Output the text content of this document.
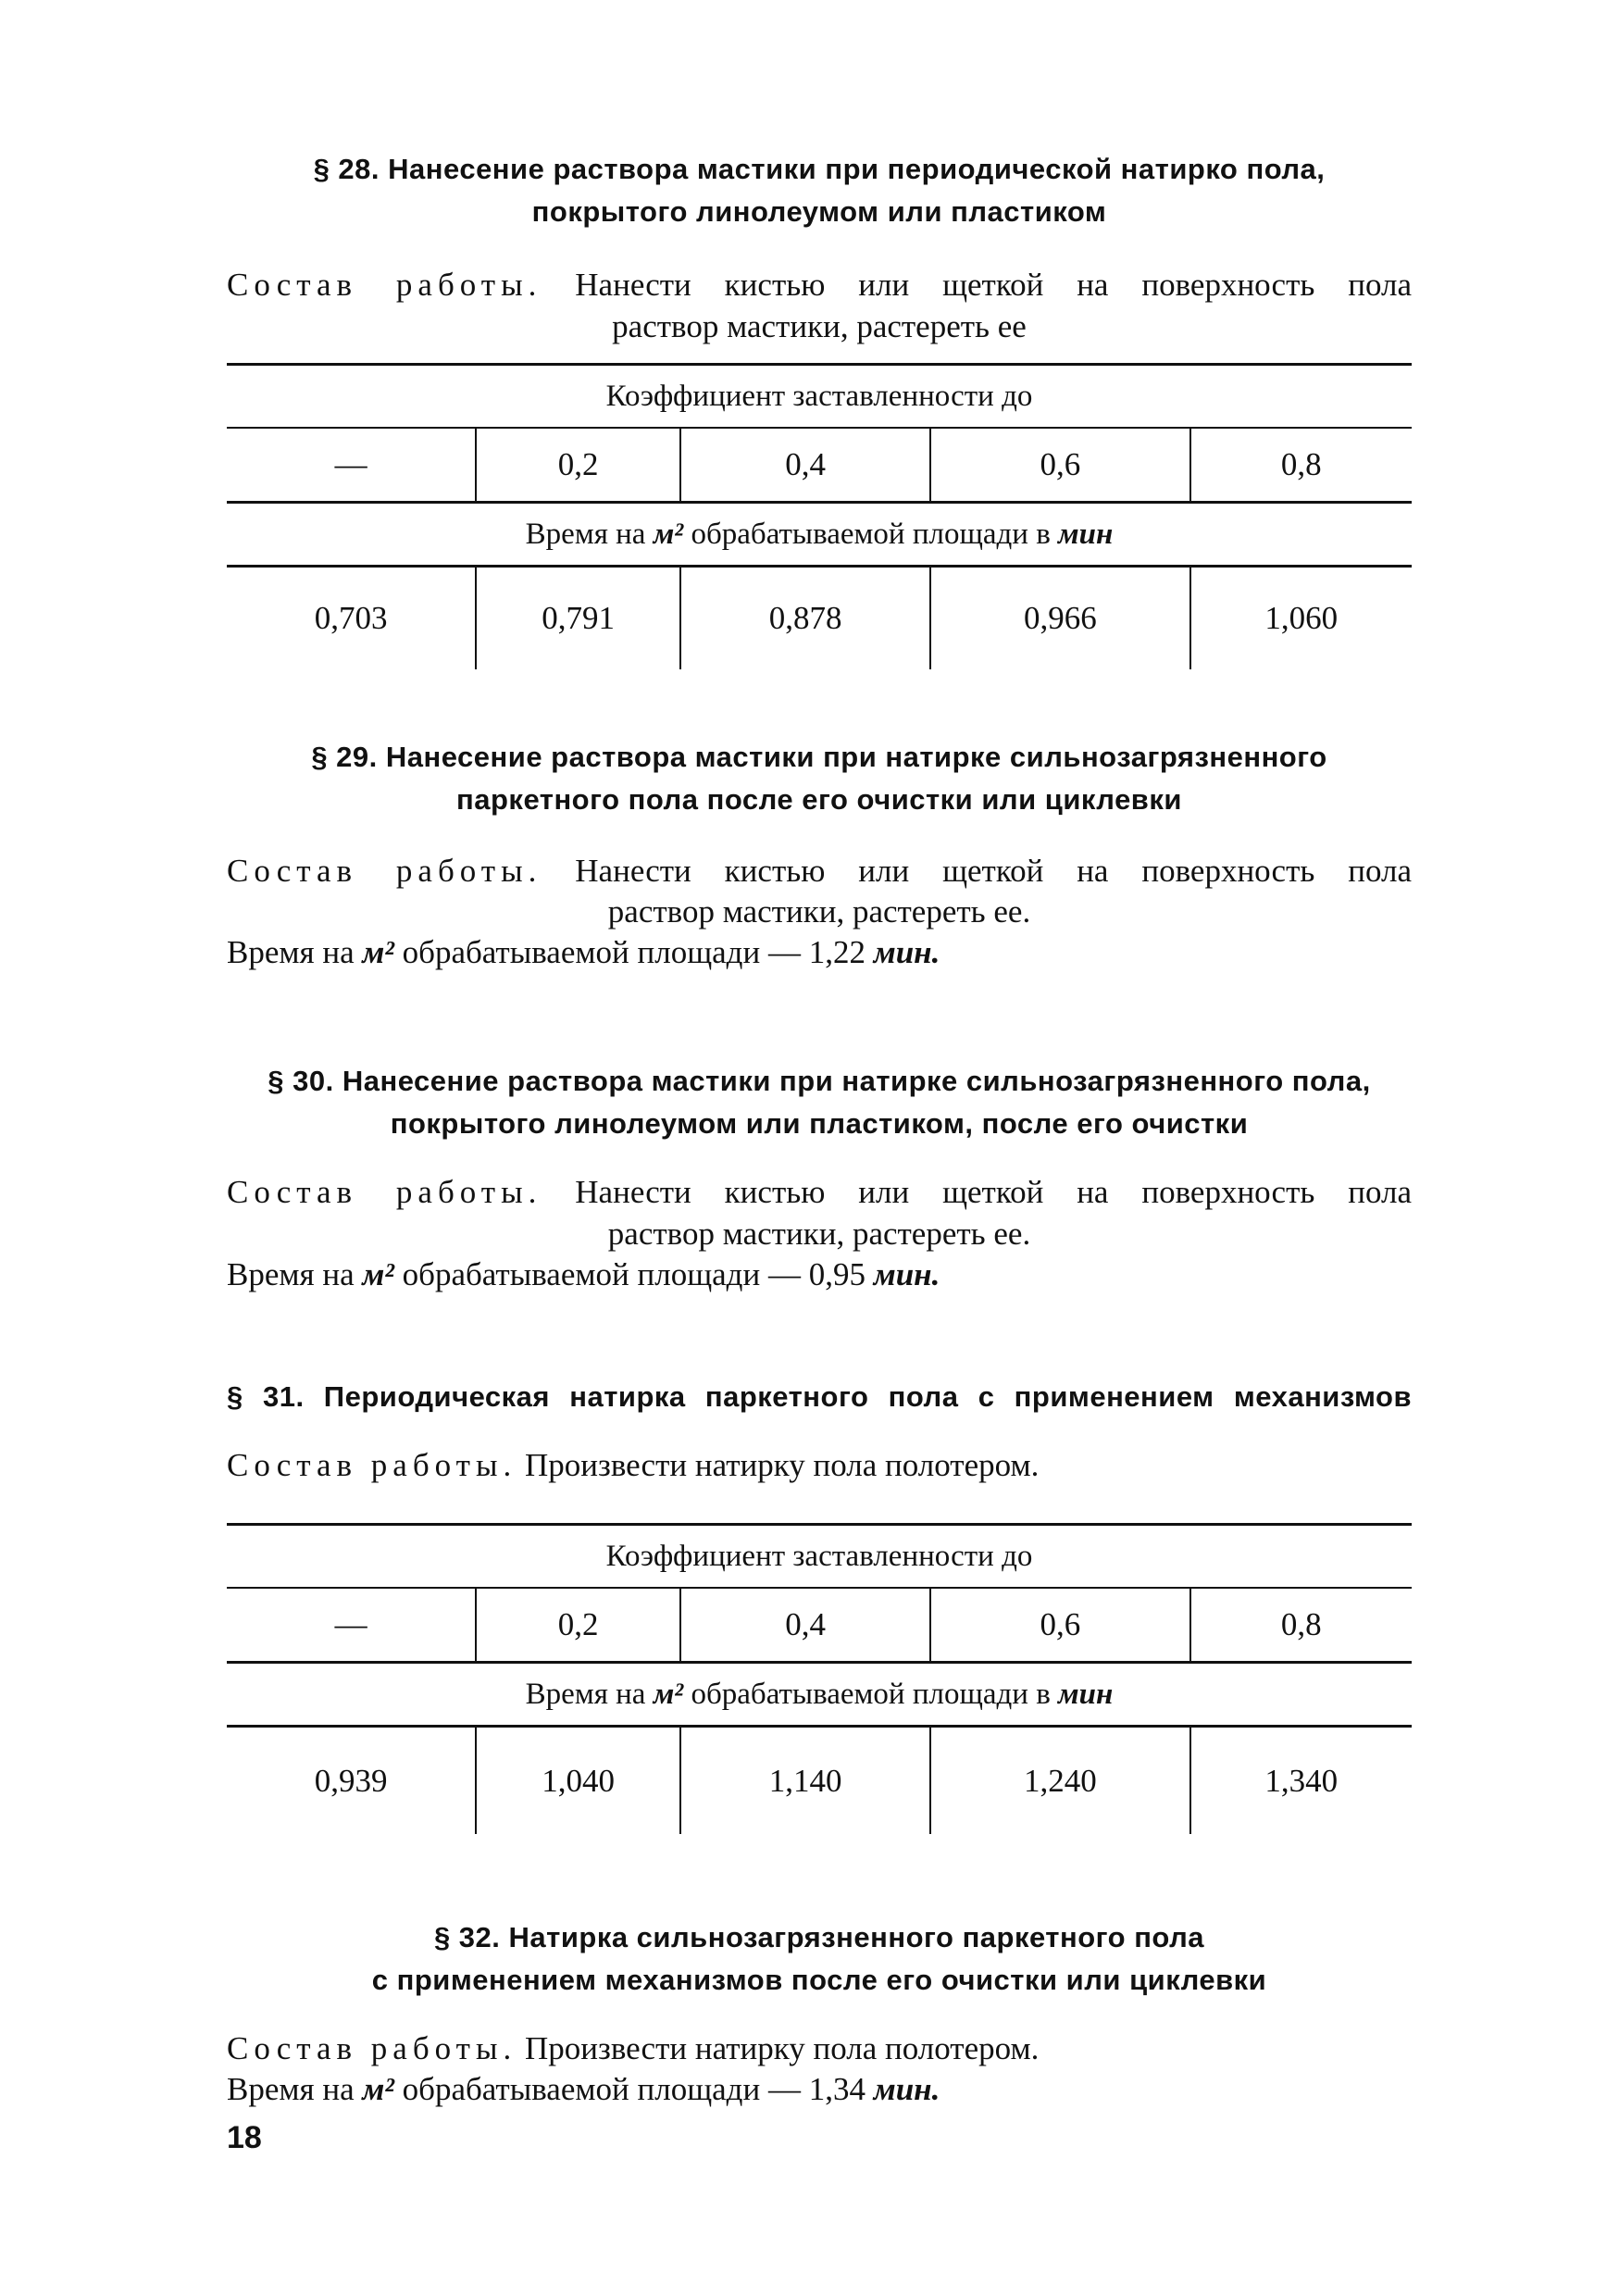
§ 28. Нанесение раствора мастики при периодической натирко пола,
покрытого линолеумом или пластиком
Состав работы. Нанести кистью или щеткой на поверхность пола
раствор мастики, растереть ее
Коэффициент заставленности до
—	0,2	0,4	0,6	0,8
Время на м² обрабатываемой площади в мин
0,703	0,791	0,878	0,966	1,060
§ 29. Нанесение раствора мастики при натирке сильнозагрязненного
паркетного пола после его очистки или циклевки
Состав работы. Нанести кистью или щеткой на поверхность пола
раствор мастики, растереть ее.
Время на м² обрабатываемой площади — 1,22 мин.
§ 30. Нанесение раствора мастики при натирке сильнозагрязненного пола,
покрытого линолеумом или пластиком, после его очистки
Состав работы. Нанести кистью или щеткой на поверхность пола
раствор мастики, растереть ее.
Время на м² обрабатываемой площади — 0,95 мин.
§ 31. Периодическая натирка паркетного пола с применением механизмов
Состав работы. Произвести натирку пола полотером.
Коэффициент заставленности до
—	0,2	0,4	0,6	0,8
Время на м² обрабатываемой площади в мин
0,939	1,040	1,140	1,240	1,340
§ 32. Натирка сильнозагрязненного паркетного пола
с применением механизмов после его очистки или циклевки
Состав работы. Произвести натирку пола полотером.
Время на м² обрабатываемой площади — 1,34 мин.
18
